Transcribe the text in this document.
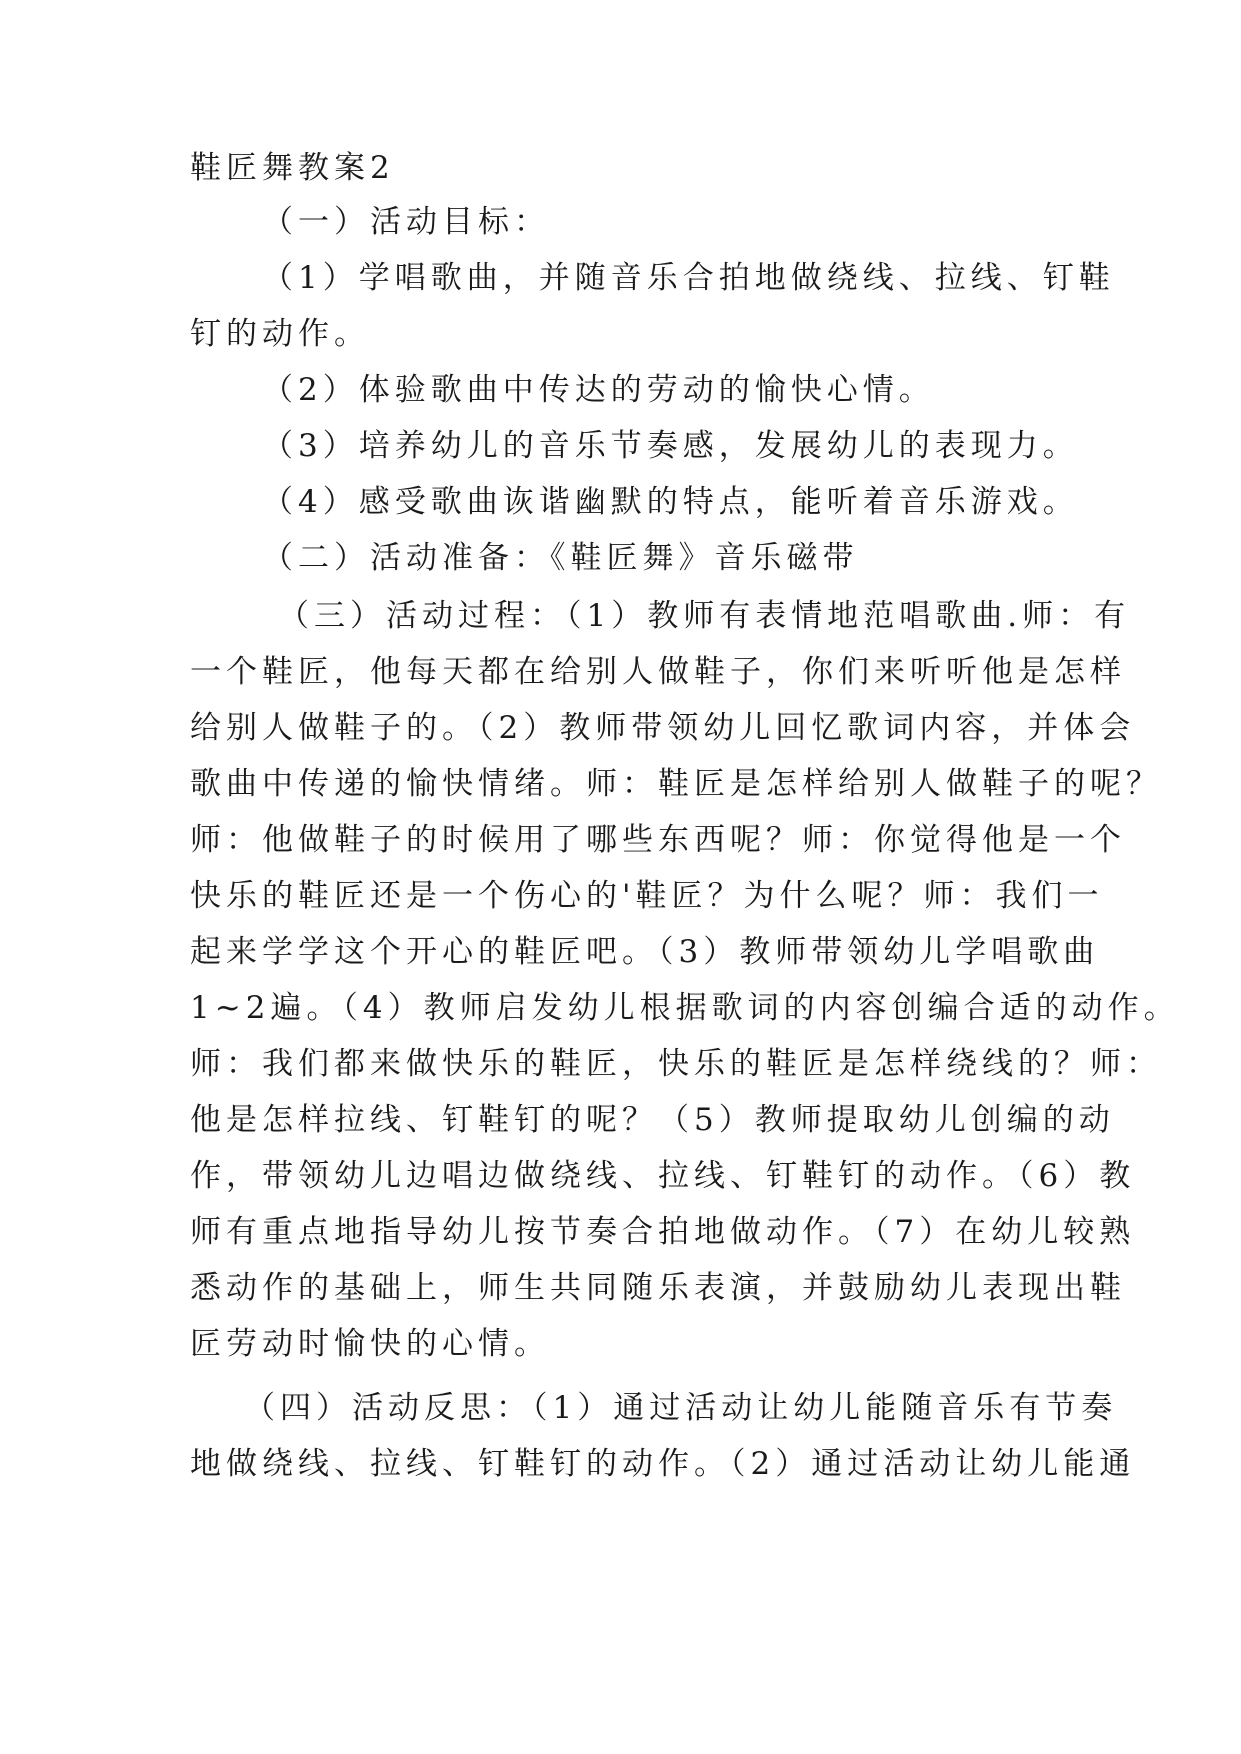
鞋匠舞教案2
（一）活动目标：
（1）学唱歌曲，并随音乐合拍地做绕线、拉线、钉鞋
钉的动作。
（2）体验歌曲中传达的劳动的愉快心情。
（3）培养幼儿的音乐节奏感，发展幼儿的表现力。
（4）感受歌曲诙谐幽默的特点，能听着音乐游戏。
（二）活动准备：《鞋匠舞》音乐磁带
（三）活动过程：（1）教师有表情地范唱歌曲.师：有
一个鞋匠，他每天都在给别人做鞋子，你们来听听他是怎样
给别人做鞋子的。（2）教师带领幼儿回忆歌词内容，并体会
歌曲中传递的愉快情绪。师：鞋匠是怎样给别人做鞋子的呢？
师：他做鞋子的时候用了哪些东西呢？师：你觉得他是一个
快乐的鞋匠还是一个伤心的'鞋匠？为什么呢？师：我们一
起来学学这个开心的鞋匠吧。（3）教师带领幼儿学唱歌曲
1~2遍。（4）教师启发幼儿根据歌词的内容创编合适的动作。
师：我们都来做快乐的鞋匠，快乐的鞋匠是怎样绕线的？师：
他是怎样拉线、钉鞋钉的呢？（5）教师提取幼儿创编的动
作，带领幼儿边唱边做绕线、拉线、钉鞋钉的动作。（6）教
师有重点地指导幼儿按节奏合拍地做动作。（7）在幼儿较熟
悉动作的基础上，师生共同随乐表演，并鼓励幼儿表现出鞋
匠劳动时愉快的心情。
（四）活动反思：（1）通过活动让幼儿能随音乐有节奏
地做绕线、拉线、钉鞋钉的动作。（2）通过活动让幼儿能通
